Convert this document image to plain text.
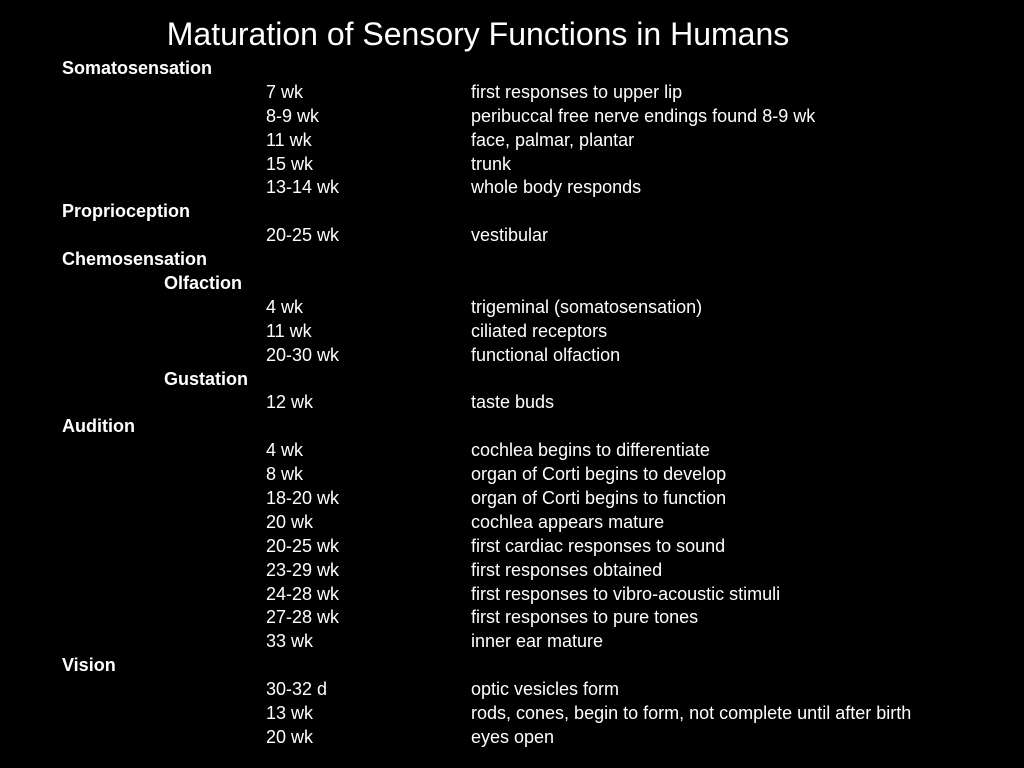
Maturation of Sensory Functions in Humans
Somatosensation
7 wk	first responses to upper lip
8-9 wk	peribuccal free nerve endings found 8-9 wk
11 wk	face, palmar, plantar
15 wk	trunk
13-14 wk	whole body responds
Proprioception
20-25 wk	vestibular
Chemosensation
Olfaction
4 wk	trigeminal (somatosensation)
11 wk	ciliated receptors
20-30 wk	functional olfaction
Gustation
12 wk	taste buds
Audition
4 wk	cochlea begins to differentiate
8 wk	organ of Corti begins to develop
18-20 wk	organ of Corti begins to function
20 wk	cochlea appears mature
20-25 wk	first cardiac responses to sound
23-29 wk	first responses obtained
24-28 wk	first responses to vibro-acoustic stimuli
27-28 wk	first responses to pure tones
33 wk	inner ear mature
Vision
30-32 d	optic vesicles form
13 wk	rods, cones, begin to form, not complete until after birth
20 wk	eyes open
